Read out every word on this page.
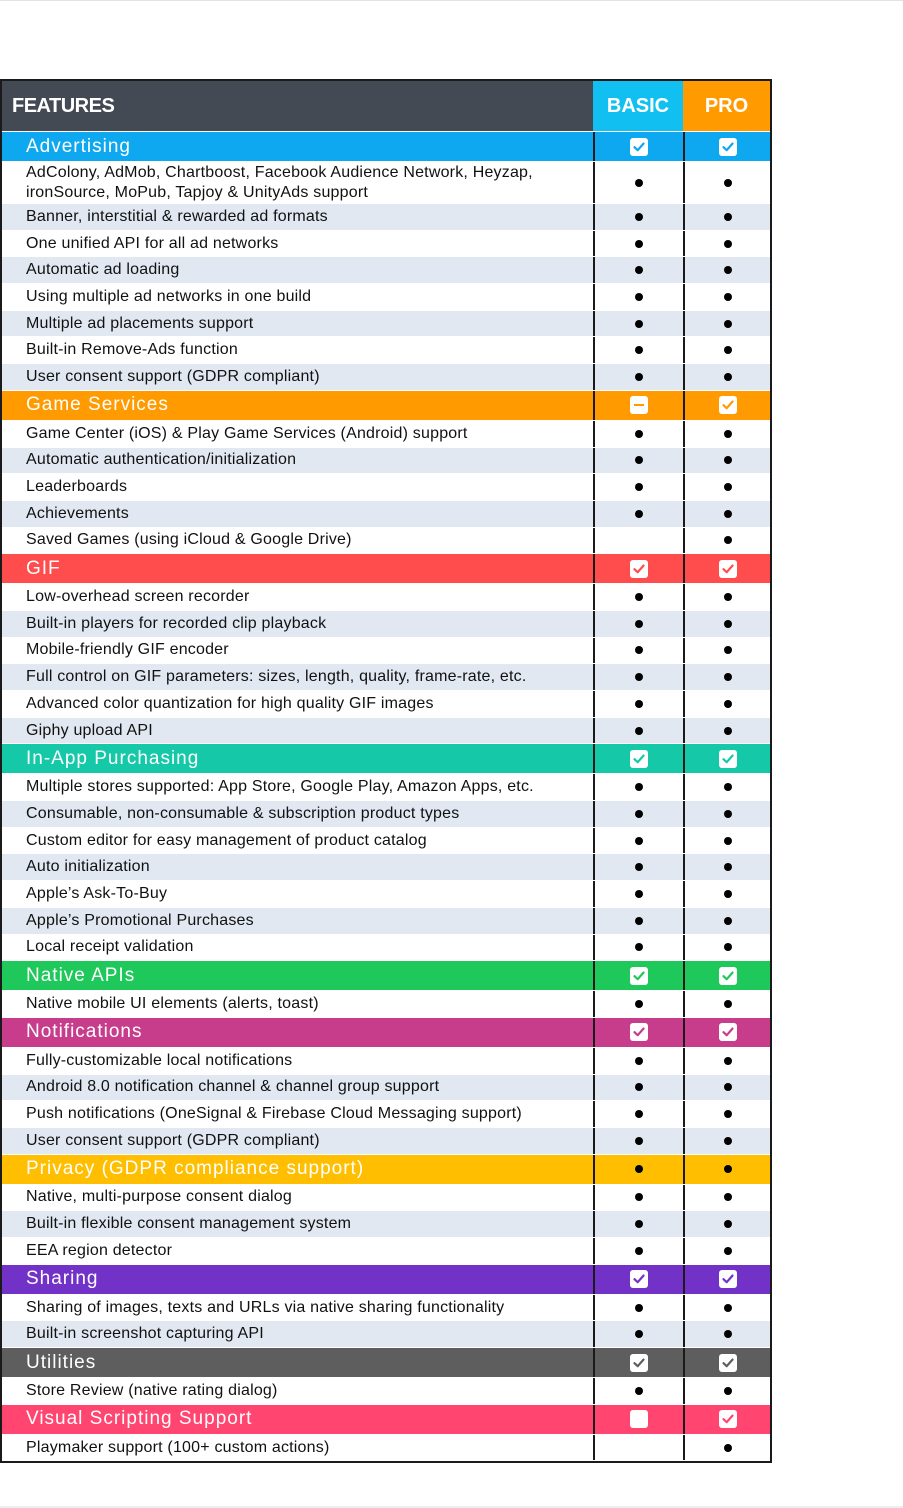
FEATURES	BASIC	PRO
Advertising
AdColony, AdMob, Chartboost, Facebook Audience Network, Heyzap, ironSource, MoPub, Tapjoy & UnityAds support
Banner, interstitial & rewarded ad formats
One unified API for all ad networks
Automatic ad loading
Using multiple ad networks in one build
Multiple ad placements support
Built-in Remove-Ads function
User consent support (GDPR compliant)
Game Services
Game Center (iOS) & Play Game Services (Android) support
Automatic authentication/initialization
Leaderboards
Achievements
Saved Games (using iCloud & Google Drive)
GIF
Low-overhead screen recorder
Built-in players for recorded clip playback
Mobile-friendly GIF encoder
Full control on GIF parameters: sizes, length, quality, frame-rate, etc.
Advanced color quantization for high quality GIF images
Giphy upload API
In-App Purchasing
Multiple stores supported: App Store, Google Play, Amazon Apps, etc.
Consumable, non-consumable & subscription product types
Custom editor for easy management of product catalog
Auto initialization
Apple’s Ask-To-Buy
Apple’s Promotional Purchases
Local receipt validation
Native APIs
Native mobile UI elements (alerts, toast)
Notifications
Fully-customizable local notifications
Android 8.0 notification channel & channel group support
Push notifications (OneSignal & Firebase Cloud Messaging support)
User consent support (GDPR compliant)
Privacy (GDPR compliance support)
Native, multi-purpose consent dialog
Built-in flexible consent management system
EEA region detector
Sharing
Sharing of images, texts and URLs via native sharing functionality
Built-in screenshot capturing API
Utilities
Store Review (native rating dialog)
Visual Scripting Support
Playmaker support (100+ custom actions)
